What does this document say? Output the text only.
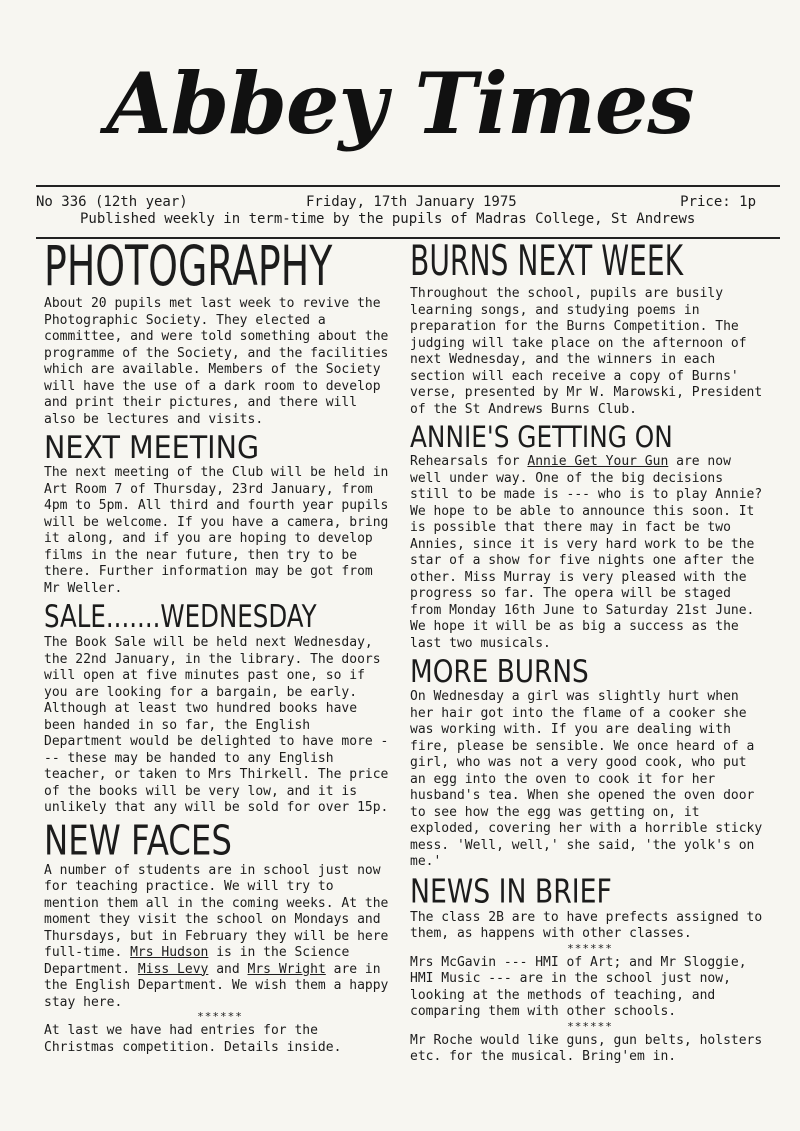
Abbey Times
No 336 (12th year)	Friday, 17th January 1975	Price: 1p
Published weekly in term-time by the pupils of Madras College, St Andrews
PHOTOGRAPHY

About 20 pupils met last week to revive the Photographic Society. They elected a committee, and were told something about the programme of the Society, and the facilities which are available. Members of the Society will have the use of a dark room to develop and print their pictures, and there will also be lectures and visits.

NEXT MEETING

The next meeting of the Club will be held in Art Room 7 of Thursday, 23rd January, from 4pm to 5pm. All third and fourth year pupils will be welcome. If you have a camera, bring it along, and if you are hoping to develop films in the near future, then try to be there. Further information may be got from Mr Weller.

SALE.......WEDNESDAY

The Book Sale will be held next Wednesday, the 22nd January, in the library. The doors will open at five minutes past one, so if you are looking for a bargain, be early. Although at least two hundred books have been handed in so far, the English Department would be delighted to have more --- these may be handed to any English teacher, or taken to Mrs Thirkell. The price of the books will be very low, and it is unlikely that any will be sold for over 15p.

NEW FACES

A number of students are in school just now for teaching practice. We will try to mention them all in the coming weeks. At the moment they visit the school on Mondays and Thursdays, but in February they will be here full-time. Mrs Hudson is in the Science Department. Miss Levy and Mrs Wright are in the English Department. We wish them a happy stay here.

******

At last we have had entries for the Christmas competition. Details inside.

BURNS NEXT WEEK

Throughout the school, pupils are busily learning songs, and studying poems in preparation for the Burns Competition. The judging will take place on the afternoon of next Wednesday, and the winners in each section will each receive a copy of Burns' verse, presented by Mr W. Marowski, President of the St Andrews Burns Club.

ANNIE'S GETTING ON

Rehearsals for Annie Get Your Gun are now well under way. One of the big decisions still to be made is --- who is to play Annie? We hope to be able to announce this soon. It is possible that there may in fact be two Annies, since it is very hard work to be the star of a show for five nights one after the other. Miss Murray is very pleased with the progress so far. The opera will be staged from Monday 16th June to Saturday 21st June. We hope it will be as big a success as the last two musicals.

MORE BURNS

On Wednesday a girl was slightly hurt when her hair got into the flame of a cooker she was working with. If you are dealing with fire, please be sensible. We once heard of a girl, who was not a very good cook, who put an egg into the oven to cook it for her husband's tea. When she opened the oven door to see how the egg was getting on, it exploded, covering her with a horrible sticky mess. 'Well, well,' she said, 'the yolk's on me.'

NEWS IN BRIEF

The class 2B are to have prefects assigned to them, as happens with other classes.

******

Mrs McGavin --- HMI of Art; and Mr Sloggie, HMI Music --- are in the school just now, looking at the methods of teaching, and comparing them with other schools.

******

Mr Roche would like guns, gun belts, holsters etc. for the musical. Bring'em in.
